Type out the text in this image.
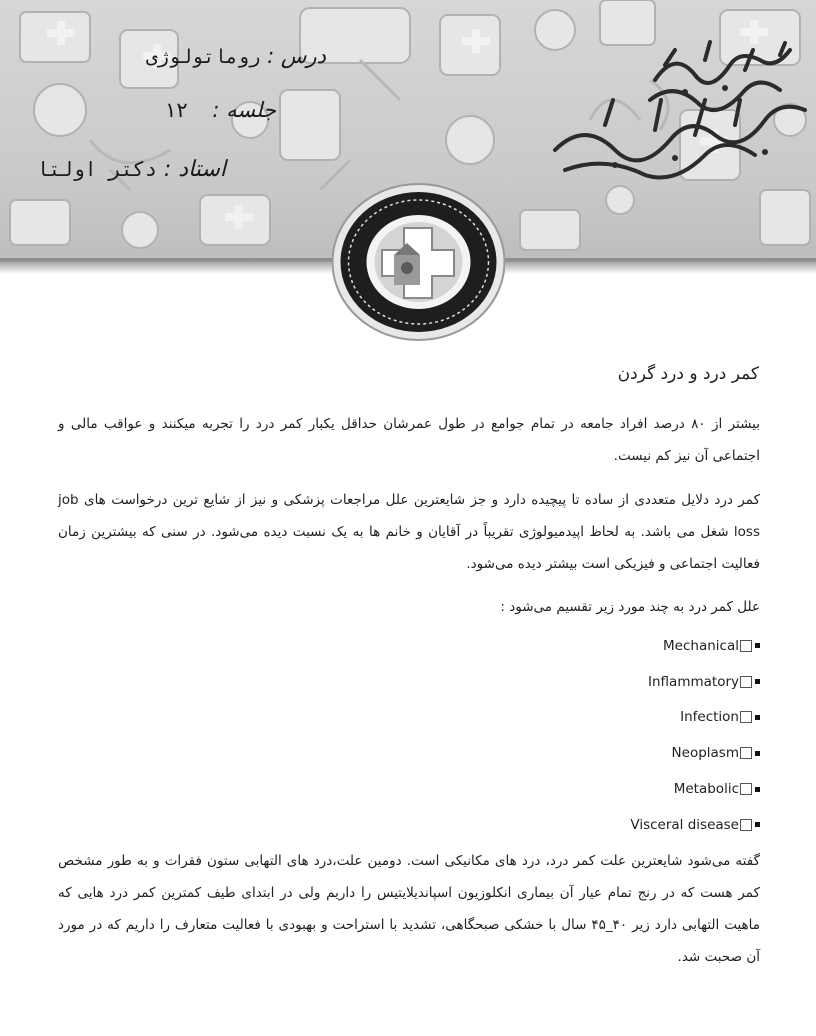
درس : روماتولوژی
جلسه : ۱۲
استاد : دکتر اولتا
کمر درد و درد گردن
بیشتر از ۸۰ درصد افراد جامعه در تمام جوامع در طول عمرشان حداقل یکبار کمر درد را تجربه میکنند و عواقب مالی و اجتماعی آن نیز کم نیست.
کمر درد دلایل متعددی از ساده تا پیچیده دارد و جز شایعترین علل مراجعات پزشکی و نیز از شایع ترین درخواست های job loss شغل می باشد. به لحاظ اپیدمیولوژی تقریباً در آقایان و خانم ها به یک نسبت دیده می‌شود. در سنی که بیشترین زمان فعالیت اجتماعی و فیزیکی است بیشتر دیده می‌شود.
علل کمر درد به چند مورد زیر تقسیم می‌شود :
Mechanical
Inflammatory
Infection
Neoplasm
Metabolic
Visceral disease
گفته می‌شود شایعترین علت کمر درد، درد های مکانیکی است. دومین علت،درد های التهابی ستون فقرات و به طور مشخص کمر هست که در رنج تمام عیار آن بیماری انکلوزیون اسپاندیلایتیس را داریم ولی در ابتدای طیف کمترین کمر درد هایی که ماهیت التهابی دارد زیر ۴۰_۴۵ سال با خشکی صبحگاهی، تشدید با استراحت و بهبودی با فعالیت متعارف را داریم که در مورد آن صحبت شد.
